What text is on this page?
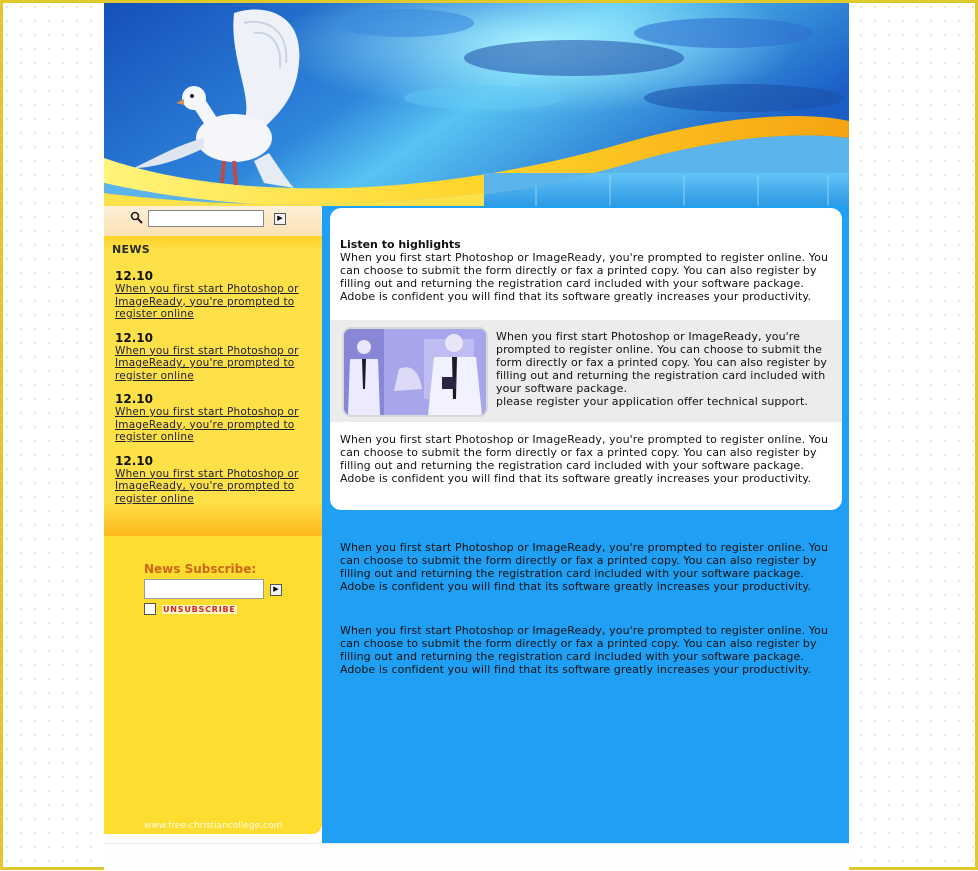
▶
NEWS
12.10
When you first start Photoshop or ImageReady, you're prompted to register online
12.10
When you first start Photoshop or ImageReady, you're prompted to register online
12.10
When you first start Photoshop or ImageReady, you're prompted to register online
12.10
When you first start Photoshop or ImageReady, you're prompted to register online
News Subscribe:
▶
UNSUBSCRIBE
www.free-christiancollege.com
Listen to highlights
When you first start Photoshop or ImageReady, you're prompted to register online. You can choose to submit the form directly or fax a printed copy. You can also register by filling out and returning the registration card included with your software package.
Adobe is confident you will find that its software greatly increases your productivity.
When you first start Photoshop or ImageReady, you're prompted to register online. You can choose to submit the form directly or fax a printed copy. You can also register by filling out and returning the registration card included with your software package.
please register your application offer technical support.
When you first start Photoshop or ImageReady, you're prompted to register online. You can choose to submit the form directly or fax a printed copy. You can also register by filling out and returning the registration card included with your software package.
Adobe is confident you will find that its software greatly increases your productivity.
When you first start Photoshop or ImageReady, you're prompted to register online. You can choose to submit the form directly or fax a printed copy. You can also register by filling out and returning the registration card included with your software package.
Adobe is confident you will find that its software greatly increases your productivity.
When you first start Photoshop or ImageReady, you're prompted to register online. You can choose to submit the form directly or fax a printed copy. You can also register by filling out and returning the registration card included with your software package.
Adobe is confident you will find that its software greatly increases your productivity.
